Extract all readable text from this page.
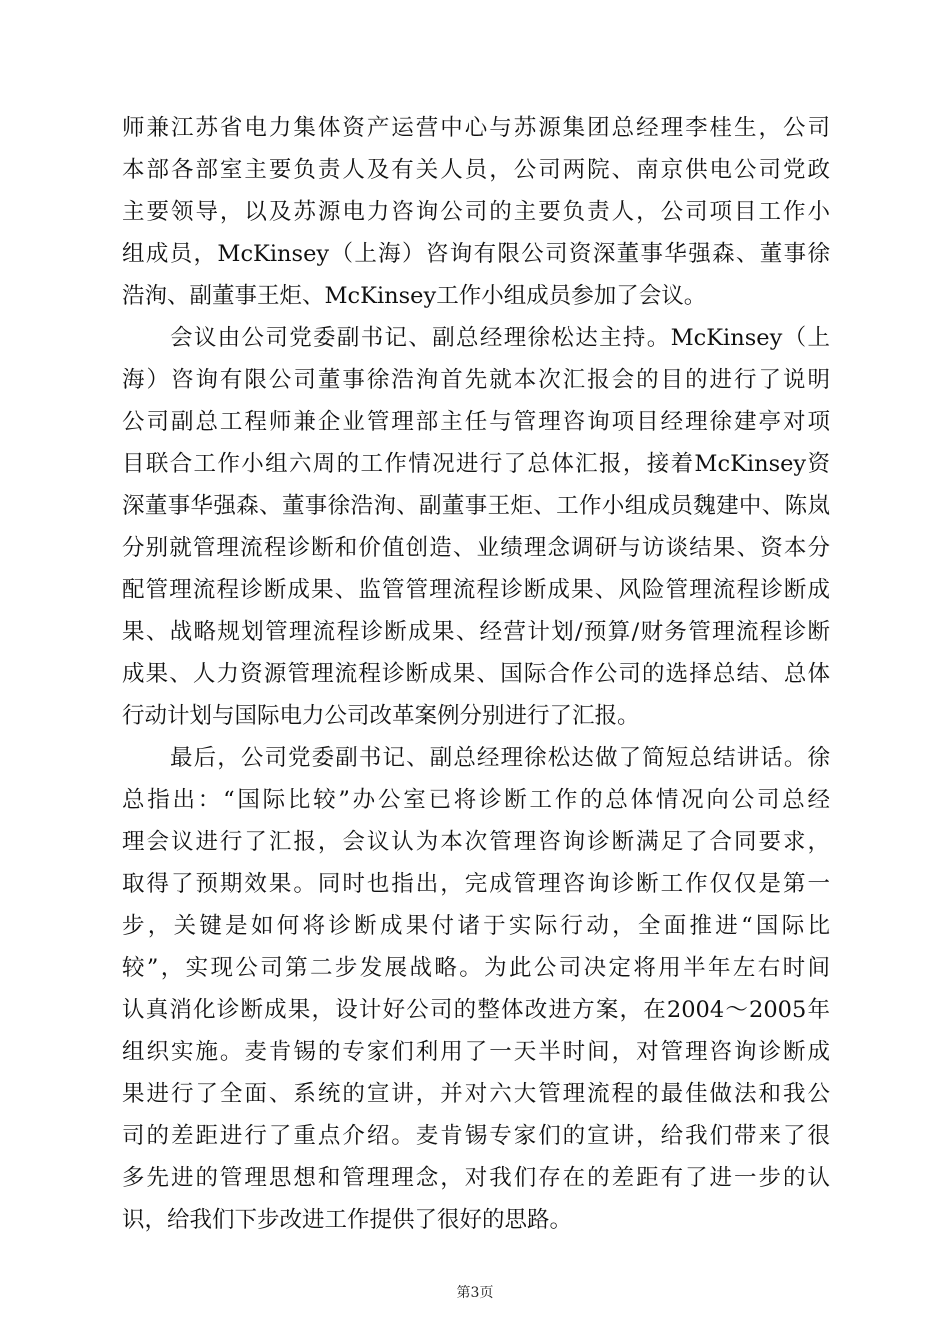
师兼江苏省电力集体资产运营中心与苏源集团总经理李桂生，公司
本部各部室主要负责人及有关人员，公司两院、南京供电公司党政
主要领导，以及苏源电力咨询公司的主要负责人，公司项目工作小
组成员，McKinsey（上海）咨询有限公司资深董事华强森、董事徐
浩洵、副董事王炬、McKinsey工作小组成员参加了会议。
会议由公司党委副书记、副总经理徐松达主持。McKinsey（上
海）咨询有限公司董事徐浩洵首先就本次汇报会的目的进行了说明
公司副总工程师兼企业管理部主任与管理咨询项目经理徐建亭对项
目联合工作小组六周的工作情况进行了总体汇报，接着McKinsey资
深董事华强森、董事徐浩洵、副董事王炬、工作小组成员魏建中、陈岚
分别就管理流程诊断和价值创造、业绩理念调研与访谈结果、资本分
配管理流程诊断成果、监管管理流程诊断成果、风险管理流程诊断成
果、战略规划管理流程诊断成果、经营计划/预算/财务管理流程诊断
成果、人力资源管理流程诊断成果、国际合作公司的选择总结、总体
行动计划与国际电力公司改革案例分别进行了汇报。
最后，公司党委副书记、副总经理徐松达做了简短总结讲话。徐
总指出：“国际比较”办公室已将诊断工作的总体情况向公司总经
理会议进行了汇报，会议认为本次管理咨询诊断满足了合同要求，
取得了预期效果。同时也指出，完成管理咨询诊断工作仅仅是第一
步，关键是如何将诊断成果付诸于实际行动，全面推进“国际比
较”，实现公司第二步发展战略。为此公司决定将用半年左右时间
认真消化诊断成果，设计好公司的整体改进方案，在2004～2005年
组织实施。麦肯锡的专家们利用了一天半时间，对管理咨询诊断成
果进行了全面、系统的宣讲，并对六大管理流程的最佳做法和我公
司的差距进行了重点介绍。麦肯锡专家们的宣讲，给我们带来了很
多先进的管理思想和管理理念，对我们存在的差距有了进一步的认
识，给我们下步改进工作提供了很好的思路。
第3页
